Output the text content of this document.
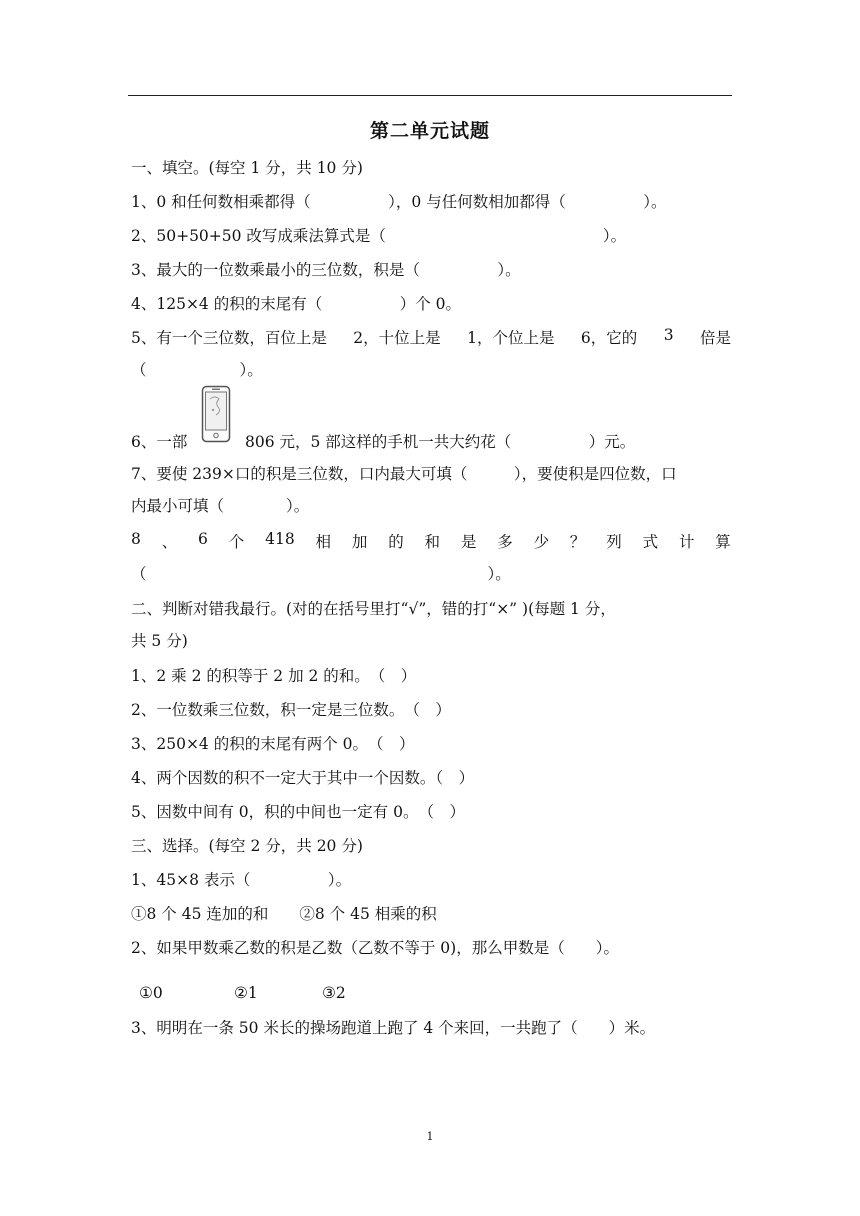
第二单元试题
一、填空。(每空 1 分，共 10 分)
1、0 和任何数相乘都得（　　　　　），0 与任何数相加都得（　　　　　）。
2、50+50+50 改写成乘法算式是（　　　　　　　　　　　　　　）。
3、最大的一位数乘最小的三位数，积是（　　　　　）。
4、125×4 的积的末尾有（　　　　　）个 0。
5、有一个三位数，百位上是 2，十位上是 1，个位上是 6，它的 3 倍是
（　　　　　　）。
6、一部	806 元，5 部这样的手机一共大约花（　　　　　）元。
7、要使 239×口的积是三位数，口内最大可填（　　　），要使积是四位数，口
内最小可填（　　　　）。
8 、 6 个 418 相 加 的 和 是 多 少 ？ 列 式 计 算
（　　　　　　　　　　　　　　　　　　　　　　）。
二、判断对错我最行。(对的在括号里打“√”，错的打“×” )(每题 1 分，
共 5 分)
1、2 乘 2 的积等于 2 加 2 的和。　（　）
2、一位数乘三位数，积一定是三位数。　（　）
3、250×4 的积的末尾有两个 0。　（　）
4、两个因数的积不一定大于其中一个因数。（　）
5、因数中间有 0，积的中间也一定有 0。　（　）
三、选择。(每空 2 分，共 20 分)
1、45×8 表示（　　　　　）。
①8 个 45 连加的和　　②8 个 45 相乘的积
2、如果甲数乘乙数的积是乙数（乙数不等于 0)，那么甲数是（　　）。
①0	②1	③2
3、明明在一条 50 米长的操场跑道上跑了 4 个来回，一共跑了（　　）米。
1
